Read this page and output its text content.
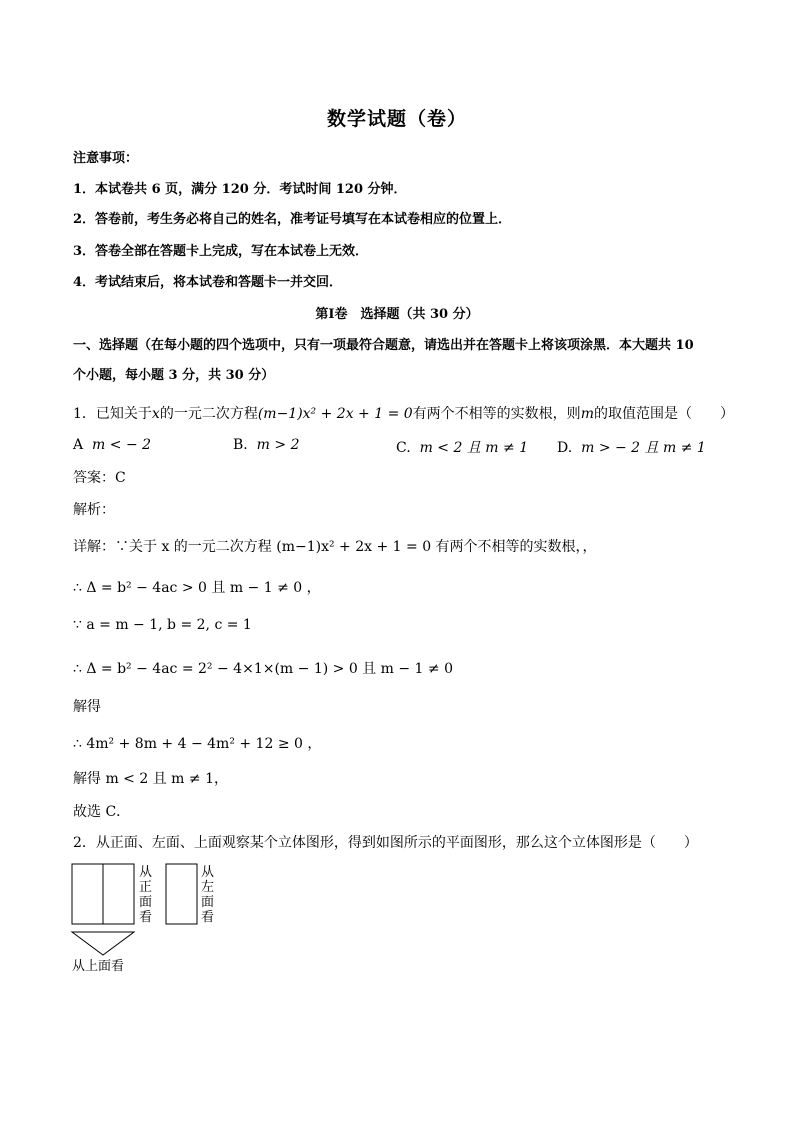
数学试题（卷）
注意事项：
1．本试卷共 6 页，满分 120 分．考试时间 120 分钟．
2．答卷前，考生务必将自己的姓名，准考证号填写在本试卷相应的位置上．
3．答卷全部在答题卡上完成，写在本试卷上无效．
4．考试结束后，将本试卷和答题卡一并交回．
第Ⅰ卷　选择题（共 30 分）
一、选择题（在每小题的四个选项中，只有一项最符合题意，请选出并在答题卡上将该项涂黑．本大题共 10
个小题，每小题 3 分，共 30 分）
1．已知关于x的一元二次方程(m−1)x² + 2x + 1 = 0有两个不相等的实数根，则m的取值范围是（　　）
A m < − 2	B. m > 2	C. m < 2 且 m ≠ 1 D. m > − 2 且 m ≠ 1
答案：C
解析：
详解：∵关于 x 的一元二次方程 (m−1)x² + 2x + 1 = 0 有两个不相等的实数根，，
∴ Δ = b² − 4ac > 0 且 m − 1 ≠ 0 ，
∵ a = m − 1, b = 2, c = 1
∴ Δ = b² − 4ac = 2² − 4×1×(m − 1) > 0 且 m − 1 ≠ 0
解得
∴ 4m² + 8m + 4 − 4m² + 12 ≥ 0 ，
解得 m < 2 且 m ≠ 1，
故选 C．
2．从正面、左面、上面观察某个立体图形，得到如图所示的平面图形，那么这个立体图形是（　　）
从
正
面
看
从
左
面
看
从上面看
